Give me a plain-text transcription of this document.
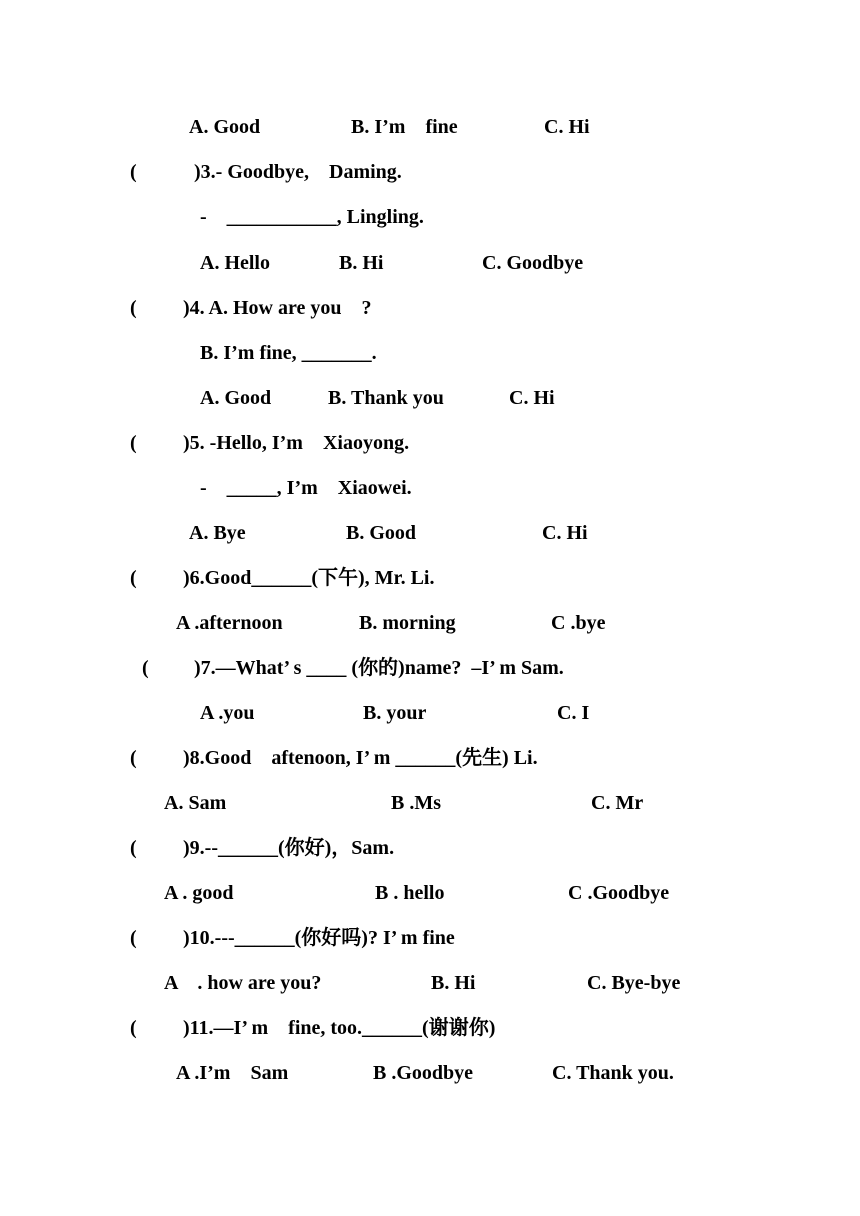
A. Good	B. I’m    fine	C. Hi
(	)3.- Goodbye,    Daming.
-    ___________, Lingling.
A. Hello	B. Hi	C. Goodbye
( )4. A. How are you    ?
B. I’m fine, _______.
A. Good	B. Thank you	C. Hi
( )5. -Hello, I’m    Xiaoyong.
-    _____, I’m    Xiaowei.
A. Bye	B. Good	C. Hi
( )6.Good______(下午), Mr. Li.
A .afternoon	B. morning	C .bye
( )7.—What’ s ____ (你的)name?  –I’ m Sam.
A .you	B. your	C. I
( )8.Good    aftenoon, I’ m ______(先生) Li.
A. Sam	B .Ms	C. Mr
( )9.--______(你好)，Sam.
A . good	B . hello	C .Goodbye
( )10.---______(你好吗)? I’ m fine
A    . how are you?	B. Hi	C. Bye-bye
( )11.—I’ m    fine, too.______(谢谢你)
A .I’m    Sam	B .Goodbye	C. Thank you.
